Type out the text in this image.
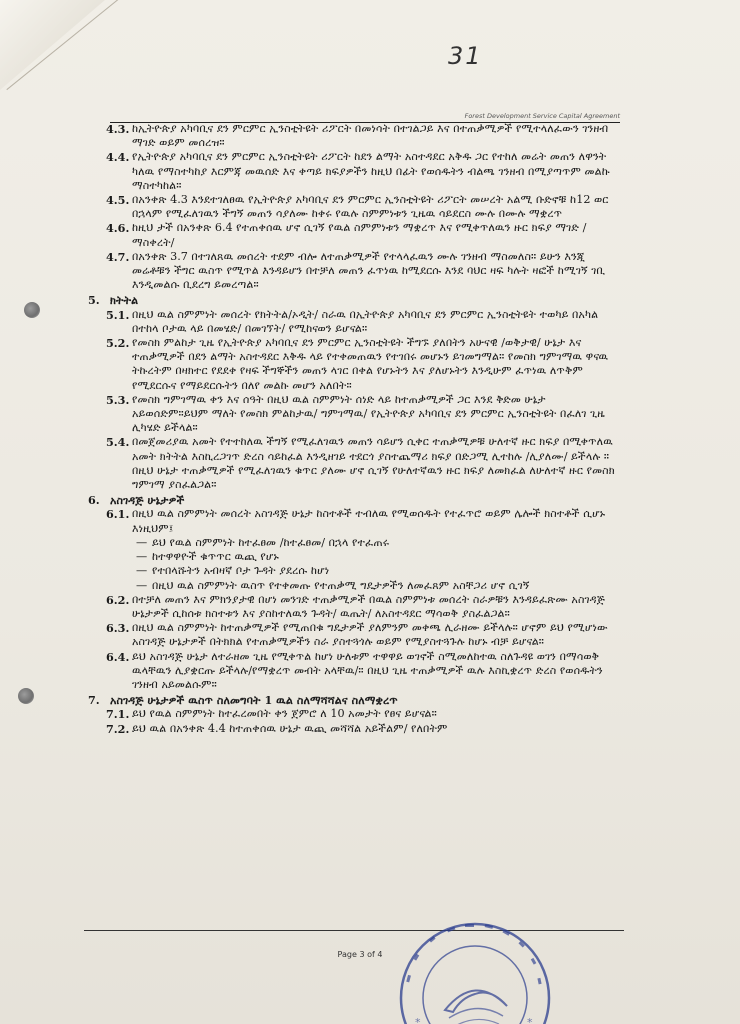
31
Forest Development Service Capital Agreement
4.3. ከኢትዮጵያ አካባቢና ደን ምርምር ኢንስቲትዩት ሪፖርት በመነሳት በተገልጋይ እና በተጠቃሚዎች የሚተላለፈውን ገንዘብ ማገድ ወይም መሰረዝ።
4.4. የኢትዮጵያ አካባቢና ደን ምርምር ኢንስቲትዩት ሪፖርት ከደን ልማት አስተዳደር አቅዱ ጋር የተከለ መሬት መጠን ለዋንት ካለዉ የማስተካከያ እርምጃ መዉሰድ እና ቀጣይ ክፍያዎችን ከዚህ በፊት የወሰዱትን ብልጫ ገንዘብ በሚያጣጥም መልኩ ማስተካከል።
4.5. በአንቀጽ 4.3 እንደተገለፀዉ የኢትዮጵያ አካባቢና ደን ምርምር ኢንስቲትዩት ሪፖርት መሠረት አልሚ ቡድኖቹ ከ12 ወር በኋላም የሚፈለገዉን ችግኝ መጠን ሳያለሙ ከቀሩ የዉሉ ስምምነቱን ጊዜዉ ሳይደርስ ሙሉ በሙሉ ማቋረጥ
4.6. ከዚህ ታች በአንቀጽ 6.4 የተጠቀሰዉ ሆኖ ሲገኝ የዉል ስምምነቱን ማቋረጥ እና የሚቀጥለዉን ዙር ክፍያ ማገድ /ማስቀረት/
4.7. በአንቀጽ 3.7 በተገለጸዉ መሰረት ተደም ብሎ ለተጠቃሚዎች የተላላፈዉን ሙሉ ገንዘብ ማስመለስ። ይሁን እንጂ መሬቶቹን ችግር ዉስጥ የሚጥል እንዳይሆን በተቻለ መጠን ፈጥነዉ ከሚደርሱ እንደ ባህር ዛፍ ካሉት ዛፎች ከሚገኝ ገቢ እንዲመልሱ ቢደረግ ይመረጣል።
5. ክትትል
5.1. በዚህ ዉል ስምምነት መሰረት የክትትል/ኦዲት/ ስራዉ በኢትዮጵያ አካባቢና ደን ምርምር ኢንስቲትዩት ተወካይ በአካል በተከላ ቦታዉ ላይ በመሄድ/ በመገኘት/ የሚከናወን ይሆናል።
5.2. የመስክ ምልከታ ጊዜ የኢትዮጵያ አካባቢና ደን ምርምር ኢንስቲትዩት ችግኙ ያለበትን አሁናዊ /ወቅታዊ/ ሁኔታ እና ተጠቃሚዎች በደን ልማት አስተዳደር እቅዱ ላይ የተቀመጠዉን የተገበሩ መሆኑን ይገመግማል። የመስክ ግምገማዉ ዋናዉ ትኩረትም በዛክተር የደደቀ የዛፍ ችግኞችን መጠን ላገር በቀል የሆኑትን እና ያለሆኑትን እንዲሁም ፈጥነዉ ለጥቅም የሚደርሱና የማይደርሱትን በለየ መልኩ መሆን አለበት።
5.3. የመስክ ግምገማዉ ቀን እና ሰዓት በዚህ ዉል ስምምነት ሰነድ ላይ ከተጠቃሚዎች ጋር እንደ ቅድመ ሁኔታ አይወሰድም።ይህም ማለት የመስክ ምልከታዉ/ ግምገማዉ/ የኢትዮጵያ አካባቢና ደን ምርምር ኢንስቲትዩት በፈለገ ጊዜ ሊካሄድ ይችላል።
5.4. በመጀመሪያዉ አመት የተተከለዉ ችግኝ የሚፈለገዉን መጠን ሳይሆን ሲቀር ተጠቃሚዎቹ ሁለተኛ ዙር ክፍያ በሚቀጥለዉ አመት ክትትል እስኪረጋገጥ ድረስ ሳይከፈል እንዲዘገይ ተደርጎ ያስተጨማሪ ክፍያ በድጋሚ ሊተከሉ /ሊያለሙ/ ይችላሉ ። በዚህ ሁኔታ ተጠቃሚዎች የሚፈለገዉን ቁጥር ያለሙ ሆኖ ሲገኝ የሁለተኛዉን ዙር ክፍያ ለመክፈል ለሁለተኛ ዙር የመስክ ግምገማ ያስፈልጋል።
6. አስገዳጅ ሁኔታዎች
6.1. በዚህ ዉል ስምምነት መሰረት አስገዳጅ ሁኔታ ከስተቶች ተብለዉ የሚወሰዱት የተፈጥሮ ወይም ሌሎች ክስተቶች ሲሆኑ እነዚህም፤
— ይህ የዉል ስምምነት ከተፈፀመ /ከተፈፀመ/ በኋላ የተፈጠሩ
— ከተዋዋዮች ቁጥጥር ዉጪ የሆኑ
— የተበላሹትን አብዛኛ ቦታ ጉዳት ያደረሱ ከሆነ
— በዚህ ዉል ስምምነት ዉስጥ የተቀመጡ የተጠቃሚ ግዴታዎችን ለመፈጸም አስቸጋሪ ሆኖ ሲገኝ
6.2. በተቻለ መጠን እና ምክንያታዊ በሆነ መንገድ ተጠቃሚዎች በዉል ስምምነቱ መሰረት ስራዎቹን እንዳይፈጽሙ አስገዳጅ ሁኔታዎች ሲከሰቱ ክስተቱን እና ያስከተለዉን ጉዳት/ ዉጤት/ ለአስተዳደር ማሳወቅ ያስፈልጋል።
6.3. በዚህ ዉል ስምምነት ከተጠቃሚዎች የሚጠበቁ ግዴታዎች ያለምንም መቀጫ ሊራዘሙ ይችላሉ። ሆኖም ይህ የሚሆነው አስገዳጅ ሁኔታዎች በትክክል የተጠቃሚዎችን ስራ ያስተጓጎሉ ወይም የሚያስተጓጉሉ ከሆኑ ብቻ ይሆናል።
6.4. ይህ አስገዳጅ ሁኔታ ለተራዘመ ጊዜ የሚቀጥል ከሆነ ሁለቱም ተዋዋይ ወገኖች ስሚመለከተዉ ስለጉዳዩ ወገን በማሳወቅ ዉላቸዉን ሊያቋርጡ ይችላሉ/የማቋረጥ መብት አላቸዉ/። በዚህ ጊዜ ተጠቃሚዎች ዉሉ እስኪቋረጥ ድረስ የወሰዱትን ገንዘብ አይመልሱም።
7. አስገዳጅ ሁኔታዎች ዉስጥ ስለመግባት 1 ዉል ስለማሻሻልና ስለማቋረጥ
7.1. ይህ የዉል ስምምነት ከተፈረመበት ቀን ጀምሮ ለ 10 አመታት የፀና ይሆናል።
7.2. ይህ ዉል በአንቀጽ 4.4 ከተጠቀሰዉ ሁኔታ ዉጪ መሻሻል አይችልም/ የለበትም
Page 3 of 4
*	*
